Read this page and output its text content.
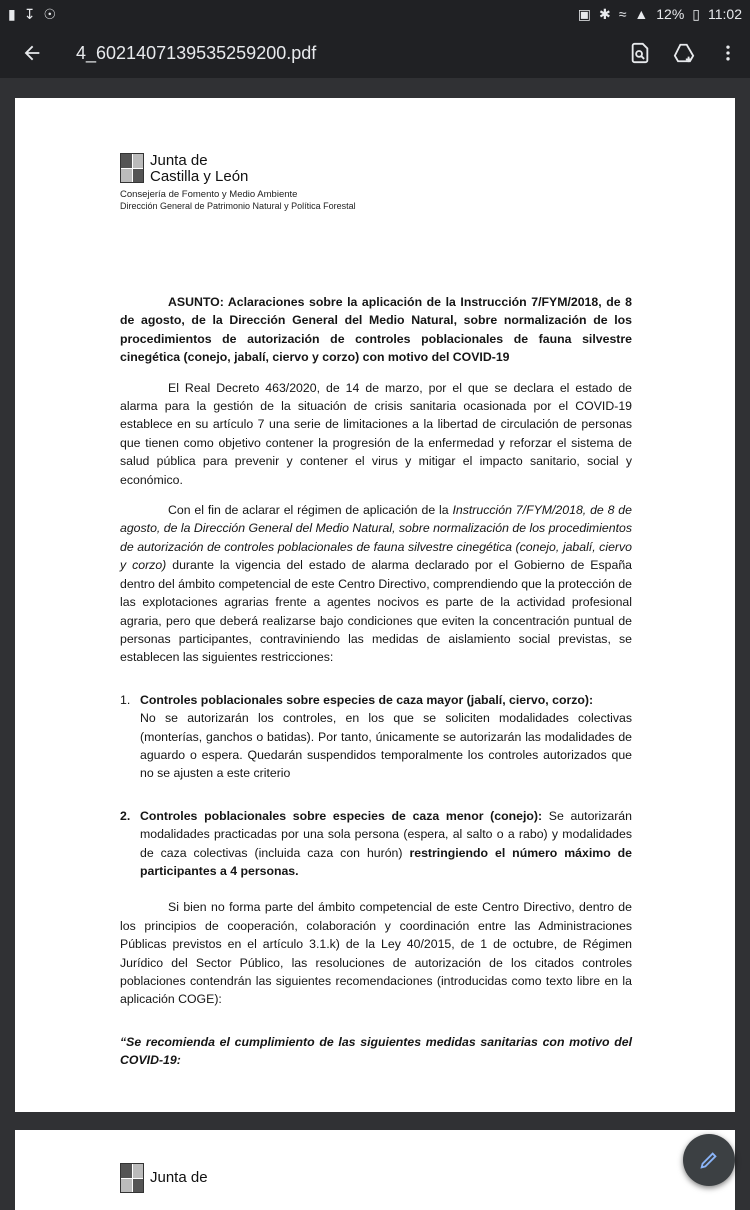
▮ ↧ ☉	▣ ✱ ≈ ▲ 12% ▯ 11:02
4_6021407139535259200.pdf
Junta de
Castilla y León
Consejería de Fomento y Medio Ambiente
Dirección General de Patrimonio Natural y Política Forestal

ASUNTO: Aclaraciones sobre la aplicación de la Instrucción 7/FYM/2018, de 8 de agosto, de la Dirección General del Medio Natural, sobre normalización de los procedimientos de autorización de controles poblacionales de fauna silvestre cinegética (conejo, jabalí, ciervo y corzo) con motivo del COVID-19

El Real Decreto 463/2020, de 14 de marzo, por el que se declara el estado de alarma para la gestión de la situación de crisis sanitaria ocasionada por el COVID-19 establece en su artículo 7 una serie de limitaciones a la libertad de circulación de personas que tienen como objetivo contener la progresión de la enfermedad y reforzar el sistema de salud pública para prevenir y contener el virus y mitigar el impacto sanitario, social y económico.

Con el fin de aclarar el régimen de aplicación de la Instrucción 7/FYM/2018, de 8 de agosto, de la Dirección General del Medio Natural, sobre normalización de los procedimientos de autorización de controles poblacionales de fauna silvestre cinegética (conejo, jabalí, ciervo y corzo) durante la vigencia del estado de alarma declarado por el Gobierno de España dentro del ámbito competencial de este Centro Directivo, comprendiendo que la protección de las explotaciones agrarias frente a agentes nocivos es parte de la actividad profesional agraria, pero que deberá realizarse bajo condiciones que eviten la concentración puntual de personas participantes, contraviniendo las medidas de aislamiento social previstas, se establecen las siguientes restricciones:

1. Controles poblacionales sobre especies de caza mayor (jabalí, ciervo, corzo):
No se autorizarán los controles, en los que se soliciten modalidades colectivas (monterías, ganchos o batidas). Por tanto, únicamente se autorizarán las modalidades de aguardo o espera. Quedarán suspendidos temporalmente los controles autorizados que no se ajusten a este criterio
2. Controles poblacionales sobre especies de caza menor (conejo): Se autorizarán modalidades practicadas por una sola persona (espera, al salto o a rabo) y modalidades de caza colectivas (incluida caza con hurón) restringiendo el número máximo de participantes a 4 personas.

Si bien no forma parte del ámbito competencial de este Centro Directivo, dentro de los principios de cooperación, colaboración y coordinación entre las Administraciones Públicas previstos en el artículo 3.1.k) de la Ley 40/2015, de 1 de octubre, de Régimen Jurídico del Sector Público, las resoluciones de autorización de los citados controles poblaciones contendrán las siguientes recomendaciones (introducidas como texto libre en la aplicación COGE):

“Se recomienda el cumplimiento de las siguientes medidas sanitarias con motivo del COVID-19:

Junta de
